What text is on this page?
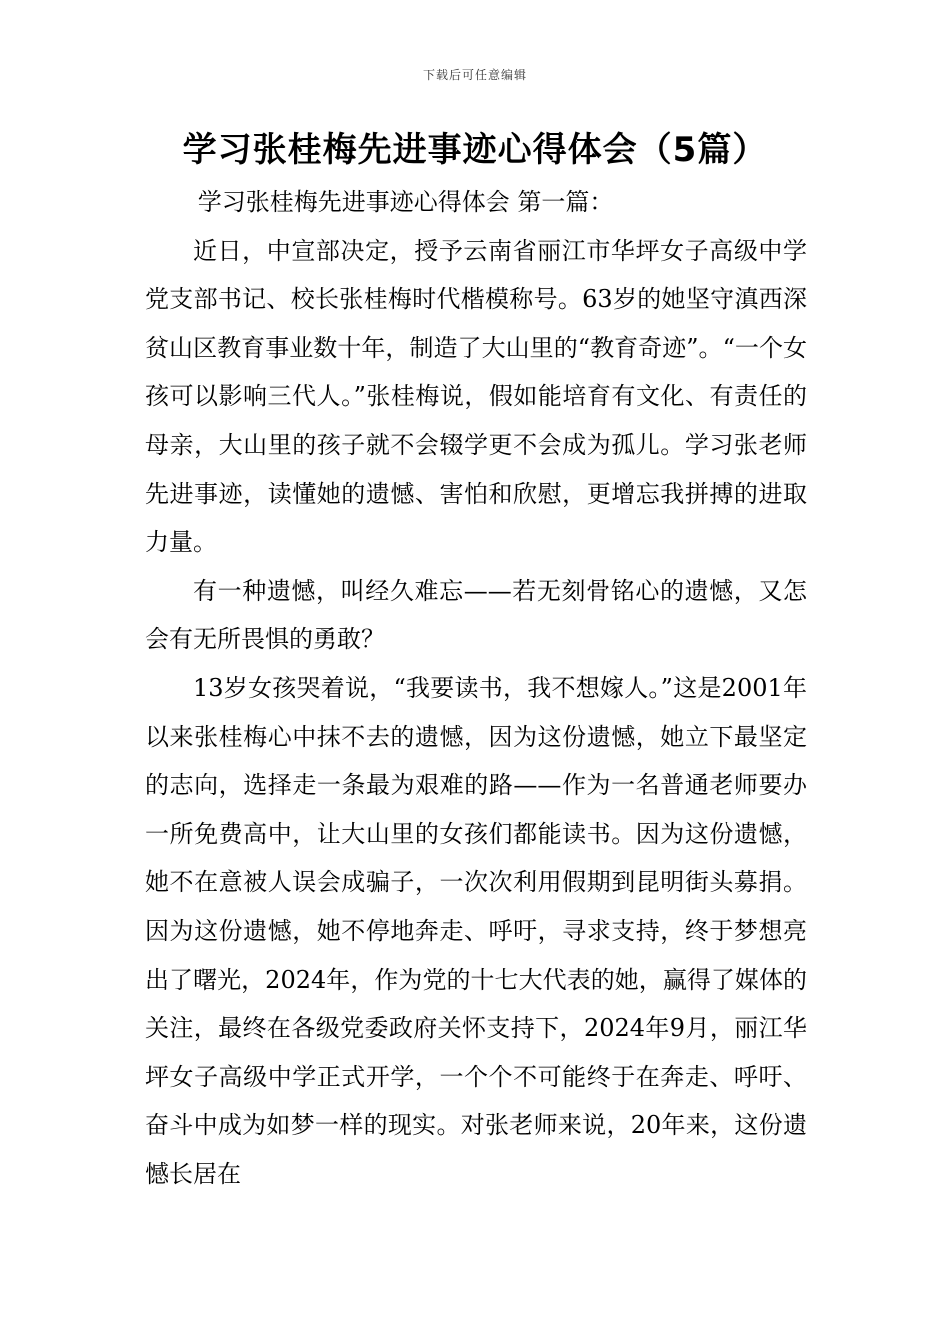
下载后可任意编辑
学习张桂梅先进事迹心得体会（5篇）

学习张桂梅先进事迹心得体会 第一篇：

近日，中宣部决定，授予云南省丽江市华坪女子高级中学党支部书记、校长张桂梅时代楷模称号。63岁的她坚守滇西深贫山区教育事业数十年，制造了大山里的“教育奇迹”。“一个女孩可以影响三代人。”张桂梅说，假如能培育有文化、有责任的母亲，大山里的孩子就不会辍学更不会成为孤儿。学习张老师先进事迹，读懂她的遗憾、害怕和欣慰，更增忘我拼搏的进取力量。

有一种遗憾，叫经久难忘——若无刻骨铭心的遗憾，又怎会有无所畏惧的勇敢？

13岁女孩哭着说，“我要读书，我不想嫁人。”这是2001年以来张桂梅心中抹不去的遗憾，因为这份遗憾，她立下最坚定的志向，选择走一条最为艰难的路——作为一名普通老师要办一所免费高中，让大山里的女孩们都能读书。因为这份遗憾，她不在意被人误会成骗子，一次次利用假期到昆明街头募捐。因为这份遗憾，她不停地奔走、呼吁，寻求支持，终于梦想亮出了曙光，2024年，作为党的十七大代表的她，赢得了媒体的关注，最终在各级党委政府关怀支持下，2024年9月，丽江华坪女子高级中学正式开学，一个个不可能终于在奔走、呼吁、奋斗中成为如梦一样的现实。对张老师来说，20年来，这份遗憾长居在
